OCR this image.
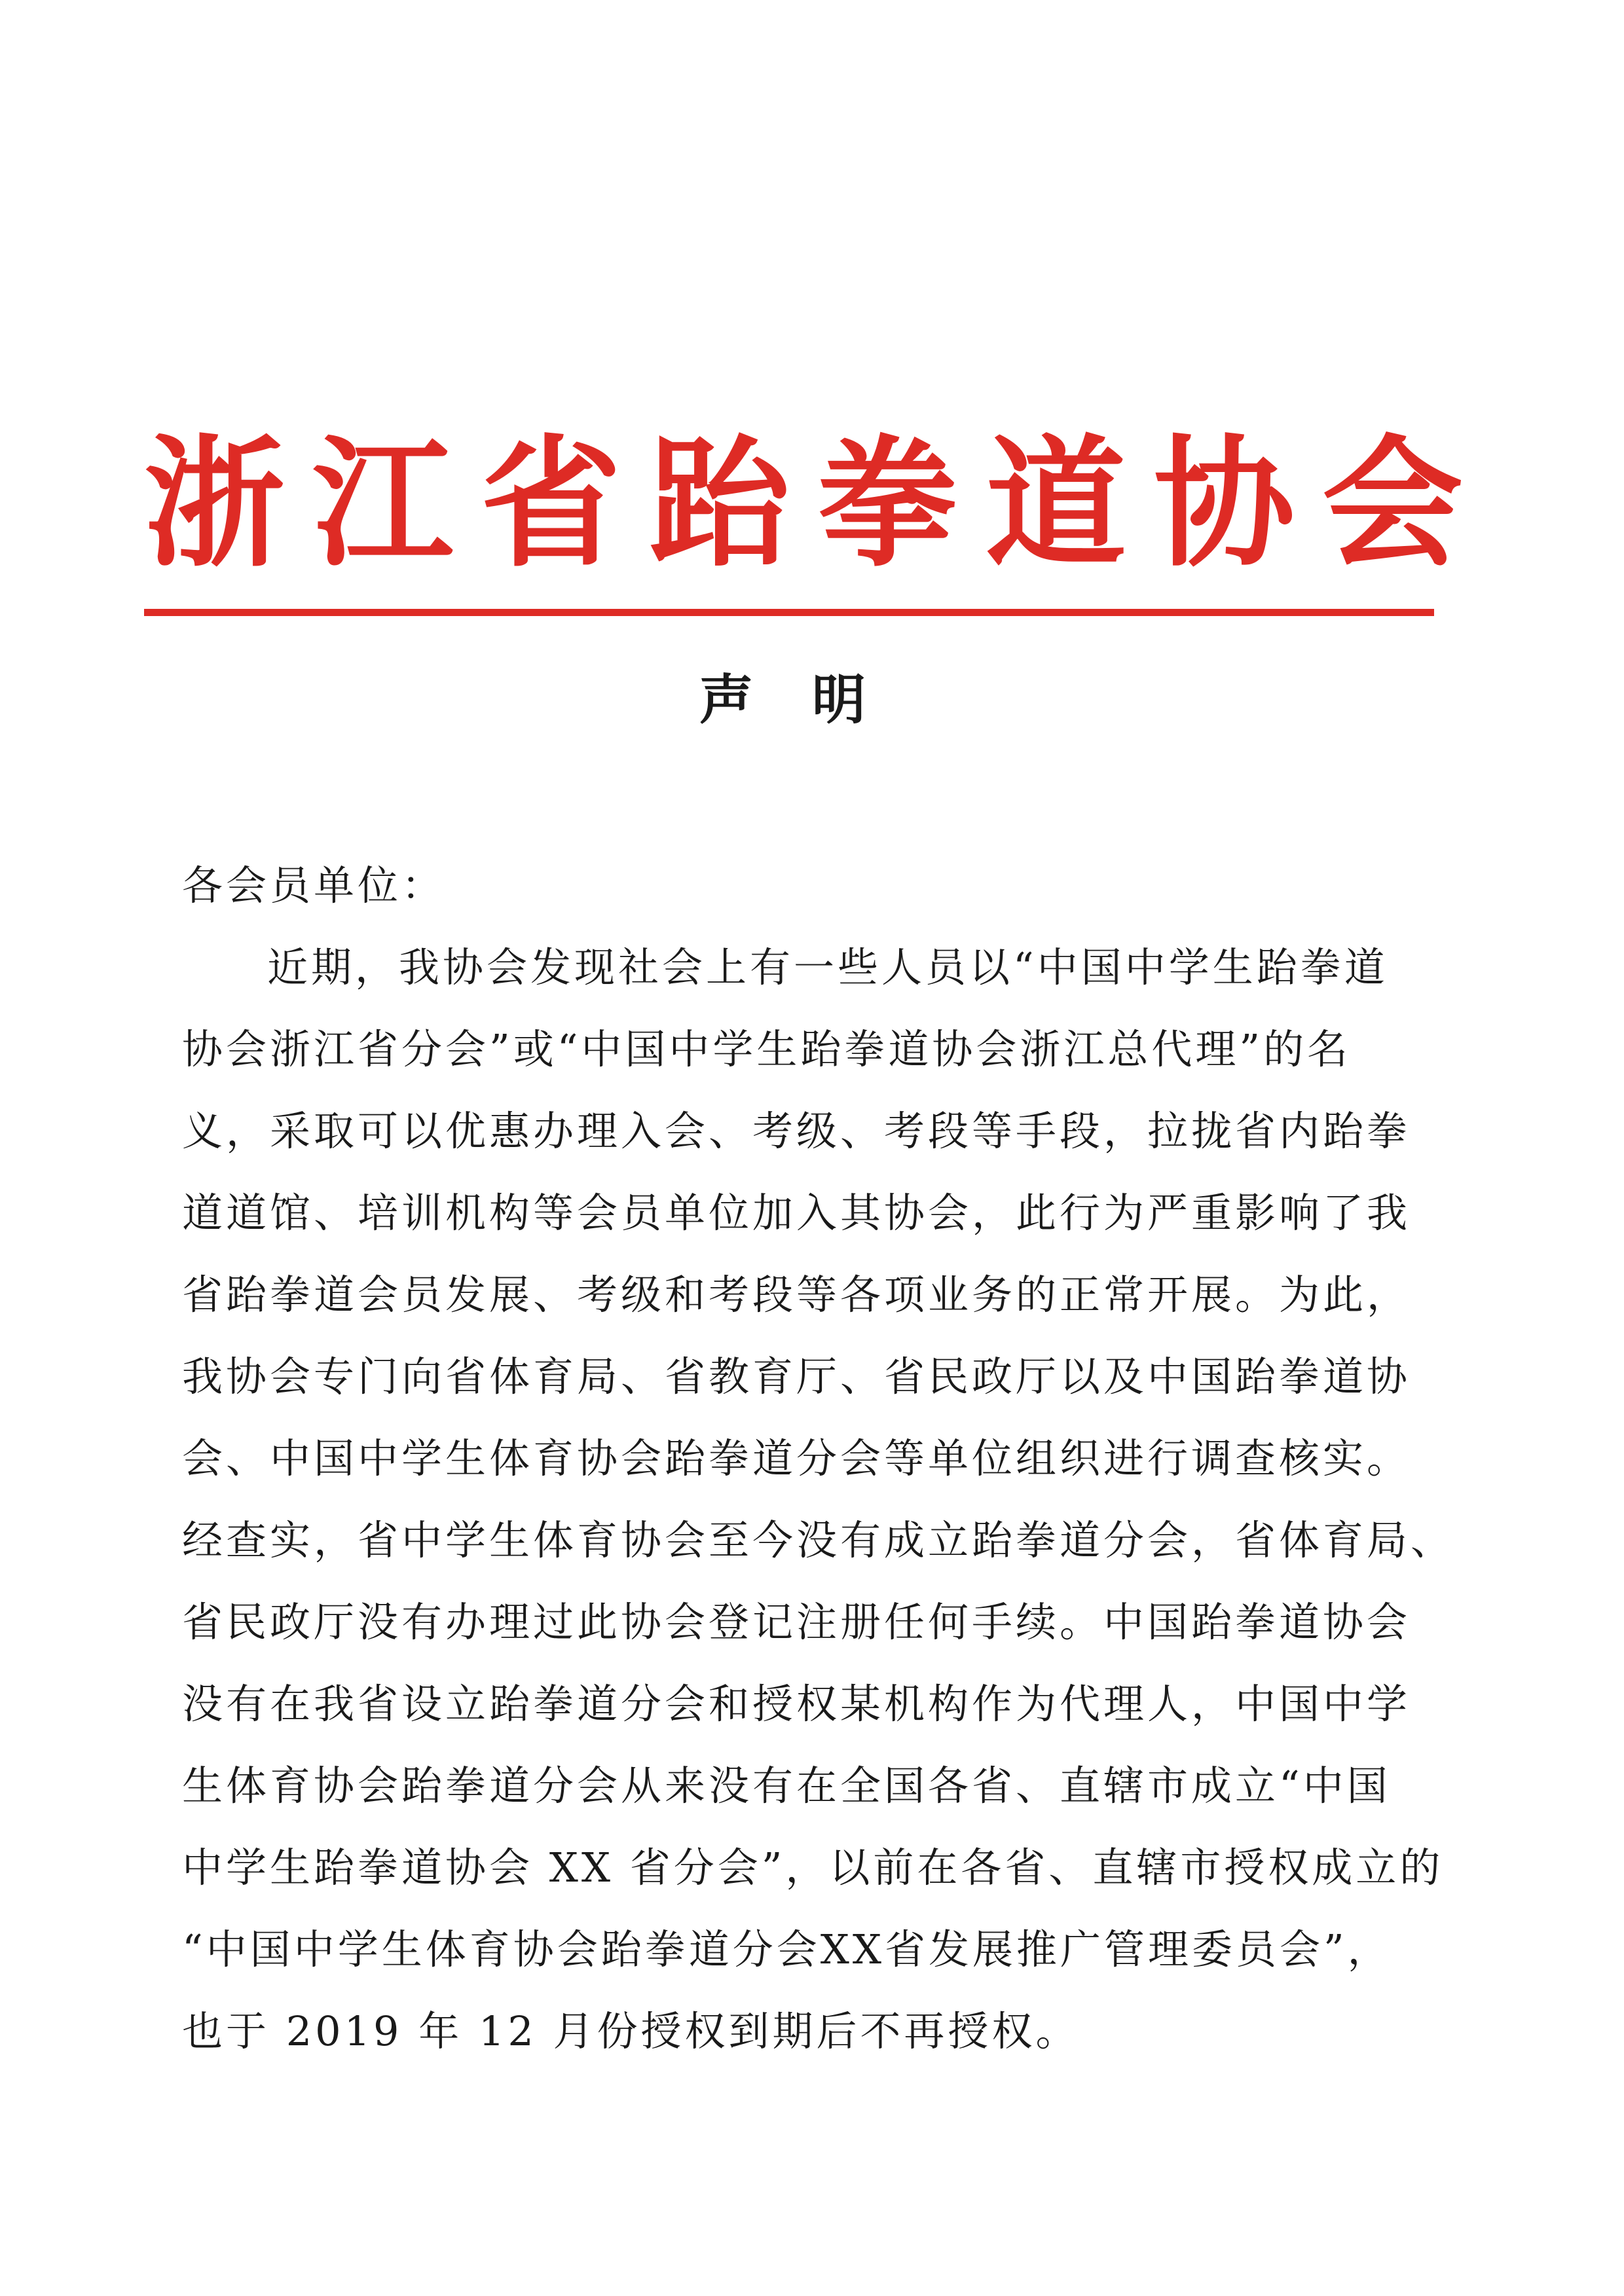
浙江省跆拳道协会
声明
各会员单位：
近期，我协会发现社会上有一些人员以“中国中学生跆拳道
协会浙江省分会”或“中国中学生跆拳道协会浙江总代理”的名
义，采取可以优惠办理入会、考级、考段等手段，拉拢省内跆拳
道道馆、培训机构等会员单位加入其协会，此行为严重影响了我
省跆拳道会员发展、考级和考段等各项业务的正常开展。为此，
我协会专门向省体育局、省教育厅、省民政厅以及中国跆拳道协
会、中国中学生体育协会跆拳道分会等单位组织进行调查核实。
经查实，省中学生体育协会至今没有成立跆拳道分会，省体育局、
省民政厅没有办理过此协会登记注册任何手续。中国跆拳道协会
没有在我省设立跆拳道分会和授权某机构作为代理人，中国中学
生体育协会跆拳道分会从来没有在全国各省、直辖市成立“中国
中学生跆拳道协会 XX 省分会”，以前在各省、直辖市授权成立的
“中国中学生体育协会跆拳道分会XX省发展推广管理委员会”，
也于 2019 年 12 月份授权到期后不再授权。
